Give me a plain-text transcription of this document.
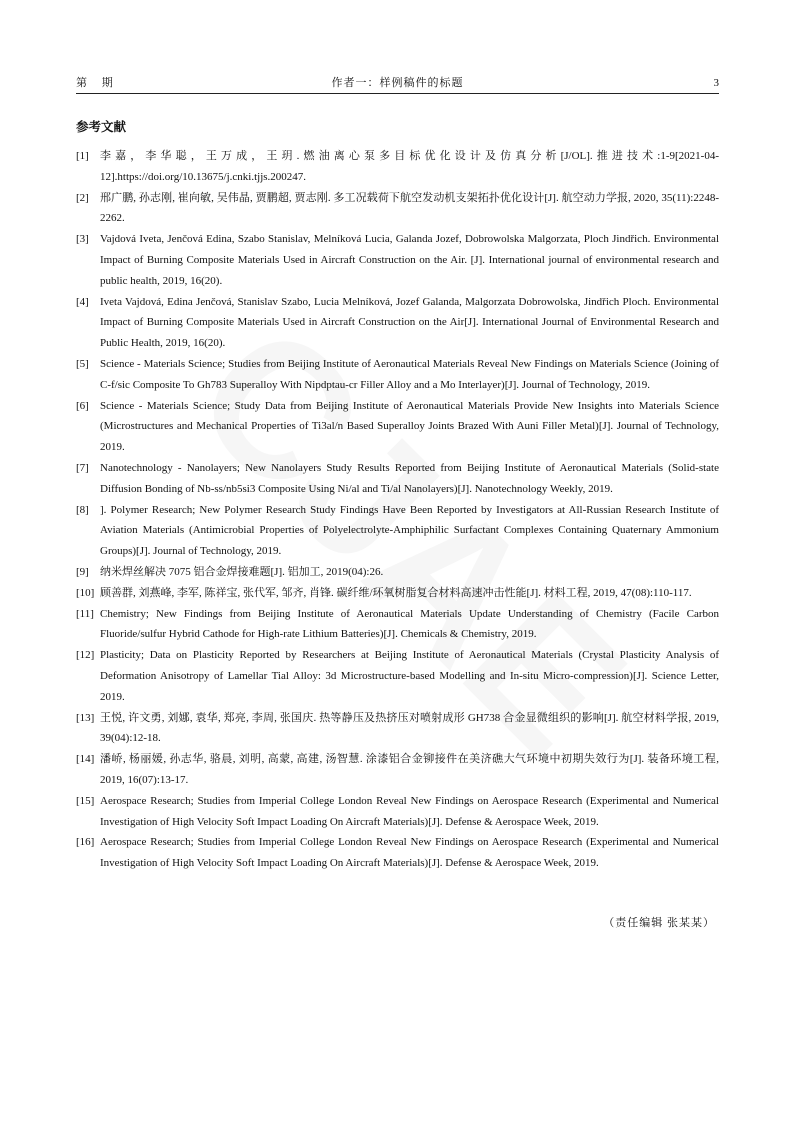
第 期	作者一：样例稿件的标题	3
参考文献
[1] 李嘉，李华聪，王万成，王玥.燃油离心泵多目标优化设计及仿真分析[J/OL].推进技术:1-9[2021-04-12].https://doi.org/10.13675/j.cnki.tjjs.200247.
[2] 邢广鹏, 孙志刚, 崔向敏, 吴伟晶, 贾鹏超, 贾志刚. 多工况载荷下航空发动机支架拓扑优化设计[J]. 航空动力学报, 2020, 35(11):2248-2262.
[3] Vajdová Iveta, Jenčová Edina, Szabo Stanislav, Melníková Lucia, Galanda Jozef, Dobrowolska Malgorzata, Ploch Jindřich. Environmental Impact of Burning Composite Materials Used in Aircraft Construction on the Air. [J]. International journal of environmental research and public health, 2019, 16(20).
[4] Iveta Vajdová, Edina Jenčová, Stanislav Szabo, Lucia Melníková, Jozef Galanda, Malgorzata Dobrowolska, Jindřich Ploch. Environmental Impact of Burning Composite Materials Used in Aircraft Construction on the Air[J]. International Journal of Environmental Research and Public Health, 2019, 16(20).
[5] Science - Materials Science; Studies from Beijing Institute of Aeronautical Materials Reveal New Findings on Materials Science (Joining of C-f/sic Composite To Gh783 Superalloy With Nipdptau-cr Filler Alloy and a Mo Interlayer)[J]. Journal of Technology, 2019.
[6] Science - Materials Science; Study Data from Beijing Institute of Aeronautical Materials Provide New Insights into Materials Science (Microstructures and Mechanical Properties of Ti3al/n Based Superalloy Joints Brazed With Auni Filler Metal)[J]. Journal of Technology, 2019.
[7] Nanotechnology - Nanolayers; New Nanolayers Study Results Reported from Beijing Institute of Aeronautical Materials (Solid-state Diffusion Bonding of Nb-ss/nb5si3 Composite Using Ni/al and Ti/al Nanolayers)[J]. Nanotechnology Weekly, 2019.
[8] ]. Polymer Research; New Polymer Research Study Findings Have Been Reported by Investigators at All-Russian Research Institute of Aviation Materials (Antimicrobial Properties of Polyelectrolyte-Amphiphilic Surfactant Complexes Containing Quaternary Ammonium Groups)[J]. Journal of Technology, 2019.
[9] 纳米焊丝解决 7075 铝合金焊接难题[J]. 铝加工, 2019(04):26.
[10] 顾善群, 刘燕峰, 李军, 陈祥宝, 张代军, 邹齐, 肖锋. 碳纤维/环氧树脂复合材料高速冲击性能[J]. 材料工程, 2019, 47(08):110-117.
[11] Chemistry; New Findings from Beijing Institute of Aeronautical Materials Update Understanding of Chemistry (Facile Carbon Fluoride/sulfur Hybrid Cathode for High-rate Lithium Batteries)[J]. Chemicals & Chemistry, 2019.
[12] Plasticity; Data on Plasticity Reported by Researchers at Beijing Institute of Aeronautical Materials (Crystal Plasticity Analysis of Deformation Anisotropy of Lamellar Tial Alloy: 3d Microstructure-based Modelling and In-situ Micro-compression)[J]. Science Letter, 2019.
[13] 王悦, 许文勇, 刘娜, 袁华, 郑亮, 李周, 张国庆. 热等静压及热挤压对喷射成形 GH738 合金显微组织的影响[J]. 航空材料学报, 2019, 39(04):12-18.
[14] 潘峤, 杨丽媛, 孙志华, 骆晨, 刘明, 高蒙, 高建, 汤智慧. 涂漆铝合金铆接件在美济礁大气环境中初期失效行为[J]. 装备环境工程, 2019, 16(07):13-17.
[15] Aerospace Research; Studies from Imperial College London Reveal New Findings on Aerospace Research (Experimental and Numerical Investigation of High Velocity Soft Impact Loading On Aircraft Materials)[J]. Defense & Aerospace Week, 2019.
[16] Aerospace Research; Studies from Imperial College London Reveal New Findings on Aerospace Research (Experimental and Numerical Investigation of High Velocity Soft Impact Loading On Aircraft Materials)[J]. Defense & Aerospace Week, 2019.
（责任编辑 张某某）
